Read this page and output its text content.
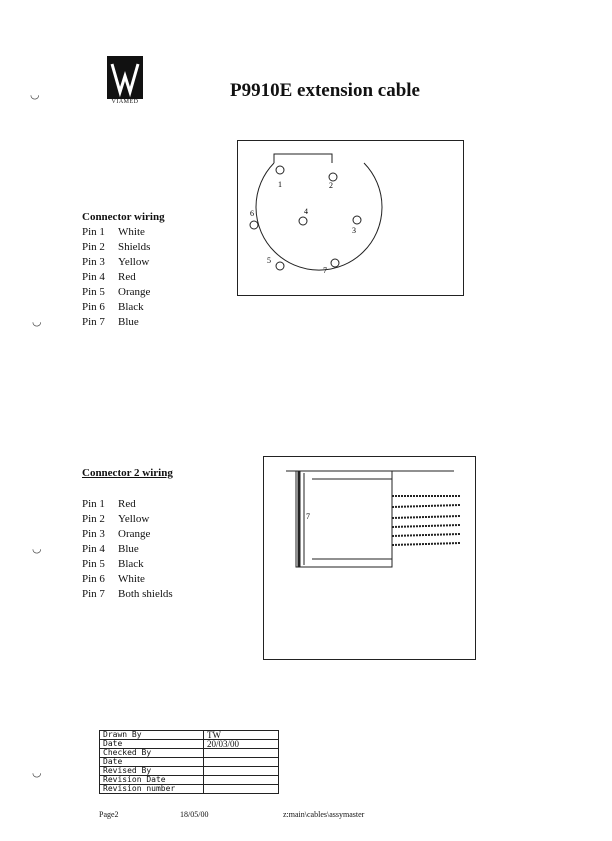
VIAMED
P9910E extension cable
◡
◡
◡
◡
Connector wiring
Pin 1 White
Pin 2 Shields
Pin 3 Yellow
Pin 4 Red
Pin 5 Orange
Pin 6 Black
Pin 7 Blue
1	2
3
4
5
6
7
Connector 2 wiring
Pin 1 Red
Pin 2 Yellow
Pin 3 Orange
Pin 4 Blue
Pin 5 Black
Pin 6 White
Pin 7 Both shields
7
Drawn By	TW
Date	20/03/00
Checked By	
Date	
Revised By	
Revision Date	
Revision number	
Page2	18/05/00	z:main\cables\assymaster
